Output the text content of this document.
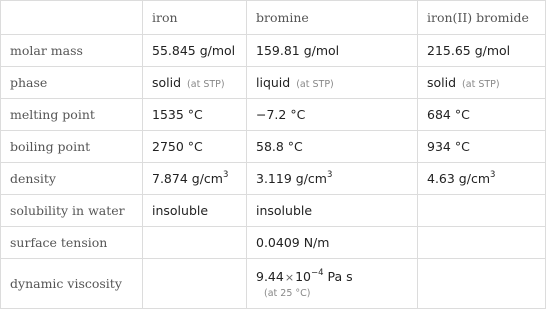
	iron	bromine	iron(II) bromide
molar mass	55.845 g/mol	159.81 g/mol	215.65 g/mol
phase	solid (at STP)	liquid (at STP)	solid (at STP)
melting point	1535 °C	−7.2 °C	684 °C
boiling point	2750 °C	58.8 °C	934 °C
density	7.874 $g/cm^3$	3.119 $g/cm^3$	4.63 $g/cm^3$
solubility in water	insoluble	insoluble	
surface tension		0.0409 N/m	
dynamic viscosity		$9.44\times 10^{-4}$ Pa s
(at 25 °C)	
